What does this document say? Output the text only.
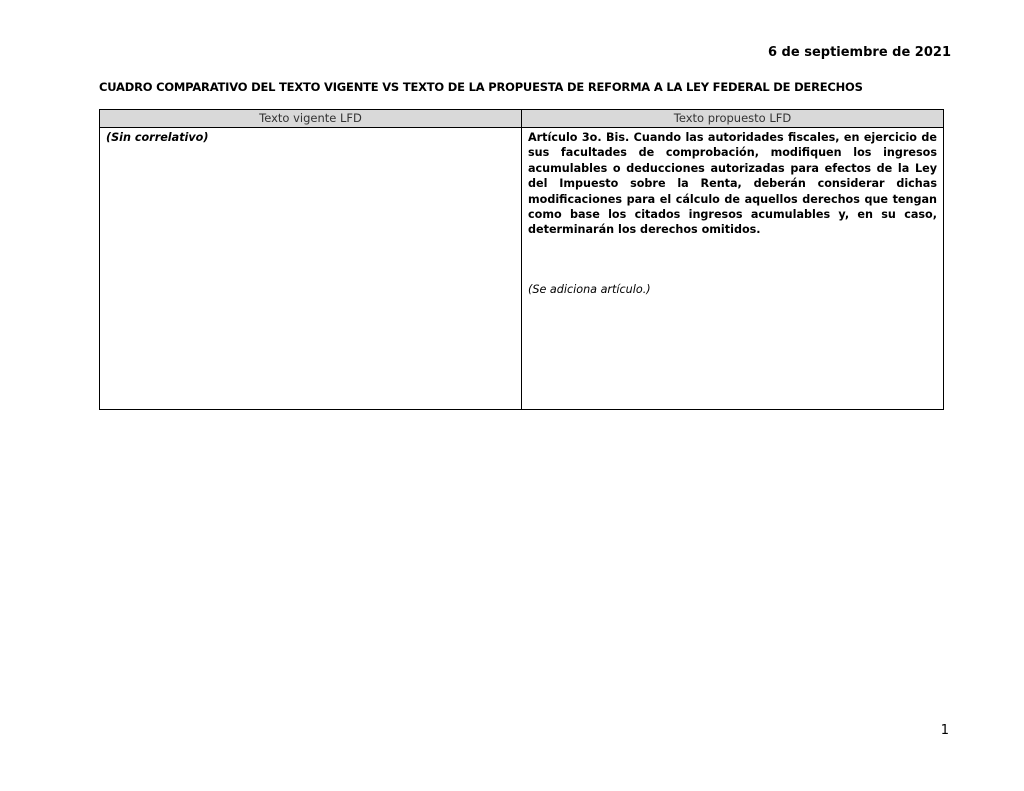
6 de septiembre de 2021
CUADRO COMPARATIVO DEL TEXTO VIGENTE VS TEXTO DE LA PROPUESTA DE REFORMA A LA LEY FEDERAL DE DERECHOS
Texto vigente LFD	Texto propuesto LFD
(Sin correlativo)	Artículo 3o. Bis. Cuando las autoridades fiscales, en ejercicio de sus facultades de comprobación, modifiquen los ingresos acumulables o deducciones autorizadas para efectos de la Ley del Impuesto sobre la Renta, deberán considerar dichas modificaciones para el cálculo de aquellos derechos que tengan como base los citados ingresos acumulables y, en su caso, determinarán los derechos omitidos.

(Se adiciona artículo.)
1
